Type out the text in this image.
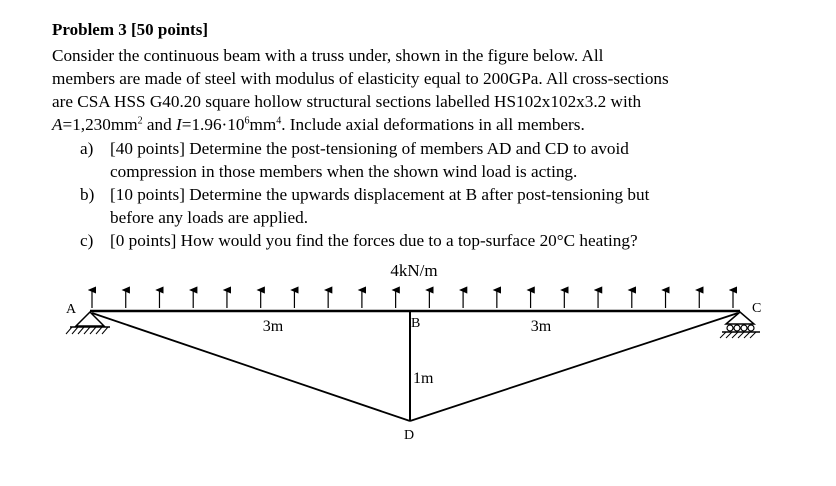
Problem 3 [50 points]
Consider the continuous beam with a truss under, shown in the figure below. All
members are made of steel with modulus of elasticity equal to 200GPa. All cross-sections
are CSA HSS G40.20 square hollow structural sections labelled HS102x102x3.2 with
$A=1,230mm^2$ and $I=1.96\cdot 10^6mm^4$. Include axial deformations in all members.
a) [40 points] Determine the post-tensioning of members AD and CD to avoid
compression in those members when the shown wind load is acting.
b) [10 points] Determine the upwards displacement at B after post-tensioning but
before any loads are applied.
c) [0 points] How would you find the forces due to a top-surface 20°C heating?
4kN/m
A
B
C
D
3m	3m
1m
